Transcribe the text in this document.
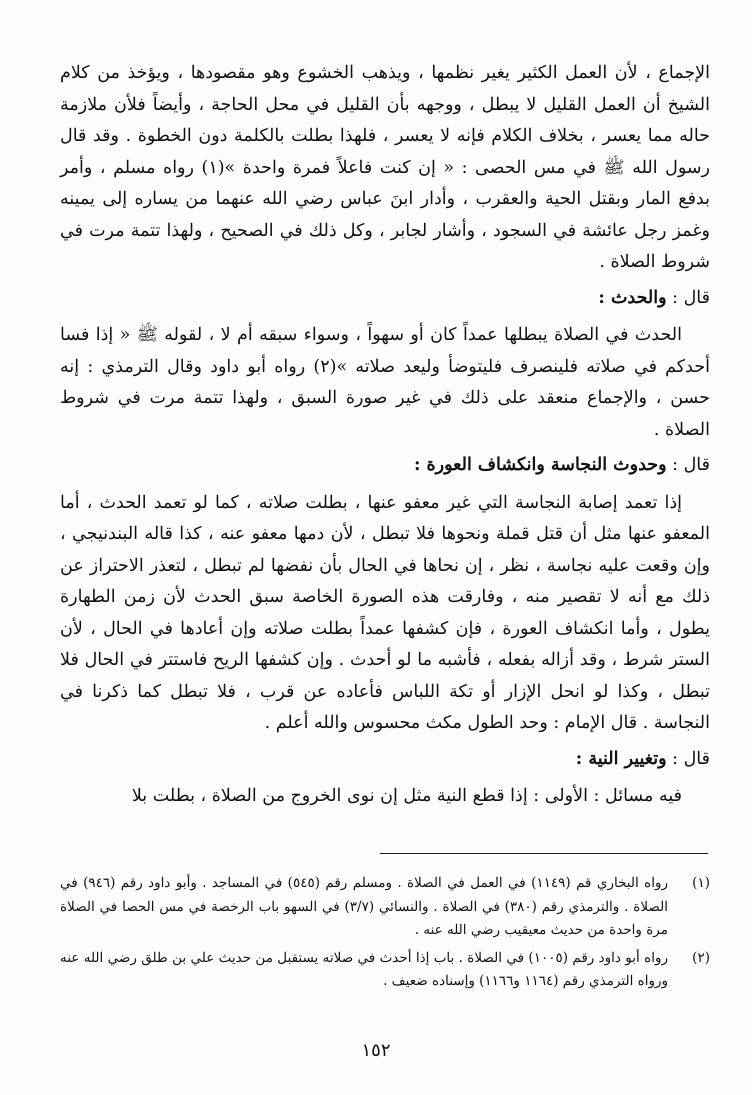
الإجماع ، لأن العمل الكثير يغير نظمها ، ويذهب الخشوع وهو مقصودها ، ويؤخذ من كلام الشيخ أن العمل القليل لا يبطل ، ووجهه بأن القليل في محل الحاجة ، وأيضاً فلأن ملازمة حاله مما يعسر ، بخلاف الكلام فإنه لا يعسر ، فلهذا بطلت بالكلمة دون الخطوة . وقد قال رسول الله ﷺ في مس الحصى : « إن كنت فاعلاً فمرة واحدة »(١) رواه مسلم ، وأمر بدفع المار وبقتل الحية والعقرب ، وأدار ابنَ عباس رضي الله عنهما من يساره إلى يمينه وغمز رجل عائشة في السجود ، وأشار لجابر ، وكل ذلك في الصحيح ، ولهذا تتمة مرت في شروط الصلاة .

قال : والحدث :

الحدث في الصلاة يبطلها عمداً كان أو سهواً ، وسواء سبقه أم لا ، لقوله ﷺ « إذا فسا أحدكم في صلاته فلينصرف فليتوضأ وليعد صلاته »(٢) رواه أبو داود وقال الترمذي : إنه حسن ، والإجماع منعقد على ذلك في غير صورة السبق ، ولهذا تتمة مرت في شروط الصلاة .

قال : وحدوث النجاسة وانكشاف العورة :

إذا تعمد إصابة النجاسة التي غير معفو عنها ، بطلت صلاته ، كما لو تعمد الحدث ، أما المعفو عنها مثل أن قتل قملة ونحوها فلا تبطل ، لأن دمها معفو عنه ، كذا قاله البندنيجي ، وإن وقعت عليه نجاسة ، نظر ، إن نحاها في الحال بأن نفضها لم تبطل ، لتعذر الاحتراز عن ذلك مع أنه لا تقصير منه ، وفارقت هذه الصورة الخاصة سبق الحدث لأن زمن الطهارة يطول ، وأما انكشاف العورة ، فإن كشفها عمداً بطلت صلاته وإن أعادها في الحال ، لأن الستر شرط ، وقد أزاله بفعله ، فأشبه ما لو أحدث . وإن كشفها الريح فاستتر في الحال فلا تبطل ، وكذا لو انحل الإزار أو تكة اللباس فأعاده عن قرب ، فلا تبطل كما ذكرنا في النجاسة . قال الإمام : وحد الطول مكث محسوس والله أعلم .

قال : وتغيير النية :

فيه مسائل : الأولى : إذا قطع النية مثل إن نوى الخروج من الصلاة ، بطلت بلا

(١)
رواه البخاري قم (١١٤٩) في العمل في الصلاة . ومسلم رقم (٥٤٥) في المساجد . وأبو داود رقم (٩٤٦) في الصلاة . والترمذي رقم (٣٨٠) في الصلاة . والنسائي (٣/٧) في السهو باب الرخصة في مس الحصا في الصلاة مرة واحدة من حديث معيقيب رضي الله عنه .
(٢)
رواه أبو داود رقم (١٠٠٥) في الصلاة . باب إذا أحدث في صلاته يستقبل من حديث علي بن طلق رضي الله عنه ورواه الترمذي رقم (١١٦٤ و١١٦٦) وإسناده ضعيف .
١٥٢
